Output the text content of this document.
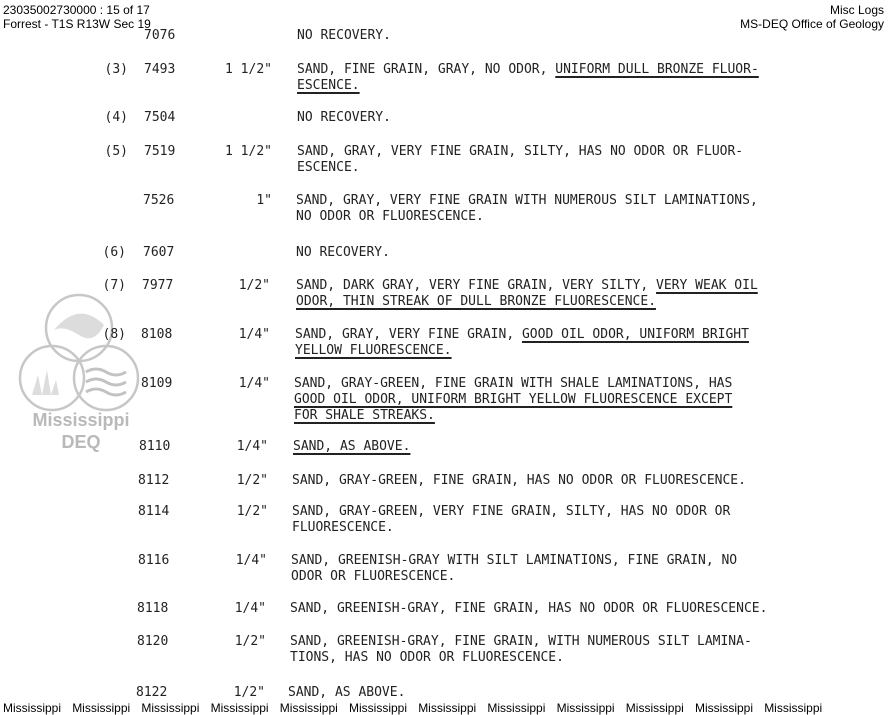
23035002730000 : 15 of 17
Forrest - T1S R13W Sec 19
Misc Logs
MS-DEQ Office of Geology
Mississippi
DEQ
7076	NO RECOVERY.
(3) 7493	1 1/2" SAND, FINE GRAIN, GRAY, NO ODOR, UNIFORM DULL BRONZE FLUOR-
ESCENCE.
(4) 7504	NO RECOVERY.
(5) 7519	1 1/2" SAND, GRAY, VERY FINE GRAIN, SILTY, HAS NO ODOR OR FLUOR-
ESCENCE.
7526	1" SAND, GRAY, VERY FINE GRAIN WITH NUMEROUS SILT LAMINATIONS,
NO ODOR OR FLUORESCENCE.
(6) 7607	NO RECOVERY.
(7) 7977	1/2" SAND, DARK GRAY, VERY FINE GRAIN, VERY SILTY, VERY WEAK OIL
ODOR, THIN STREAK OF DULL BRONZE FLUORESCENCE.
(8) 8108	1/4" SAND, GRAY, VERY FINE GRAIN, GOOD OIL ODOR, UNIFORM BRIGHT
YELLOW FLUORESCENCE.
8109	1/4" SAND, GRAY-GREEN, FINE GRAIN WITH SHALE LAMINATIONS, HAS
GOOD OIL ODOR, UNIFORM BRIGHT YELLOW FLUORESCENCE EXCEPT
FOR SHALE STREAKS.
8110	1/4" SAND, AS ABOVE.
8112	1/2" SAND, GRAY-GREEN, FINE GRAIN, HAS NO ODOR OR FLUORESCENCE.
8114	1/2" SAND, GRAY-GREEN, VERY FINE GRAIN, SILTY, HAS NO ODOR OR
FLUORESCENCE.
8116	1/4" SAND, GREENISH-GRAY WITH SILT LAMINATIONS, FINE GRAIN, NO
ODOR OR FLUORESCENCE.
8118	1/4" SAND, GREENISH-GRAY, FINE GRAIN, HAS NO ODOR OR FLUORESCENCE.
8120	1/2" SAND, GREENISH-GRAY, FINE GRAIN, WITH NUMEROUS SILT LAMINA-
TIONS, HAS NO ODOR OR FLUORESCENCE.
8122	1/2" SAND, AS ABOVE.
Mississippi Mississippi Mississippi Mississippi Mississippi Mississippi Mississippi Mississippi Mississippi Mississippi Mississippi Mississippi
